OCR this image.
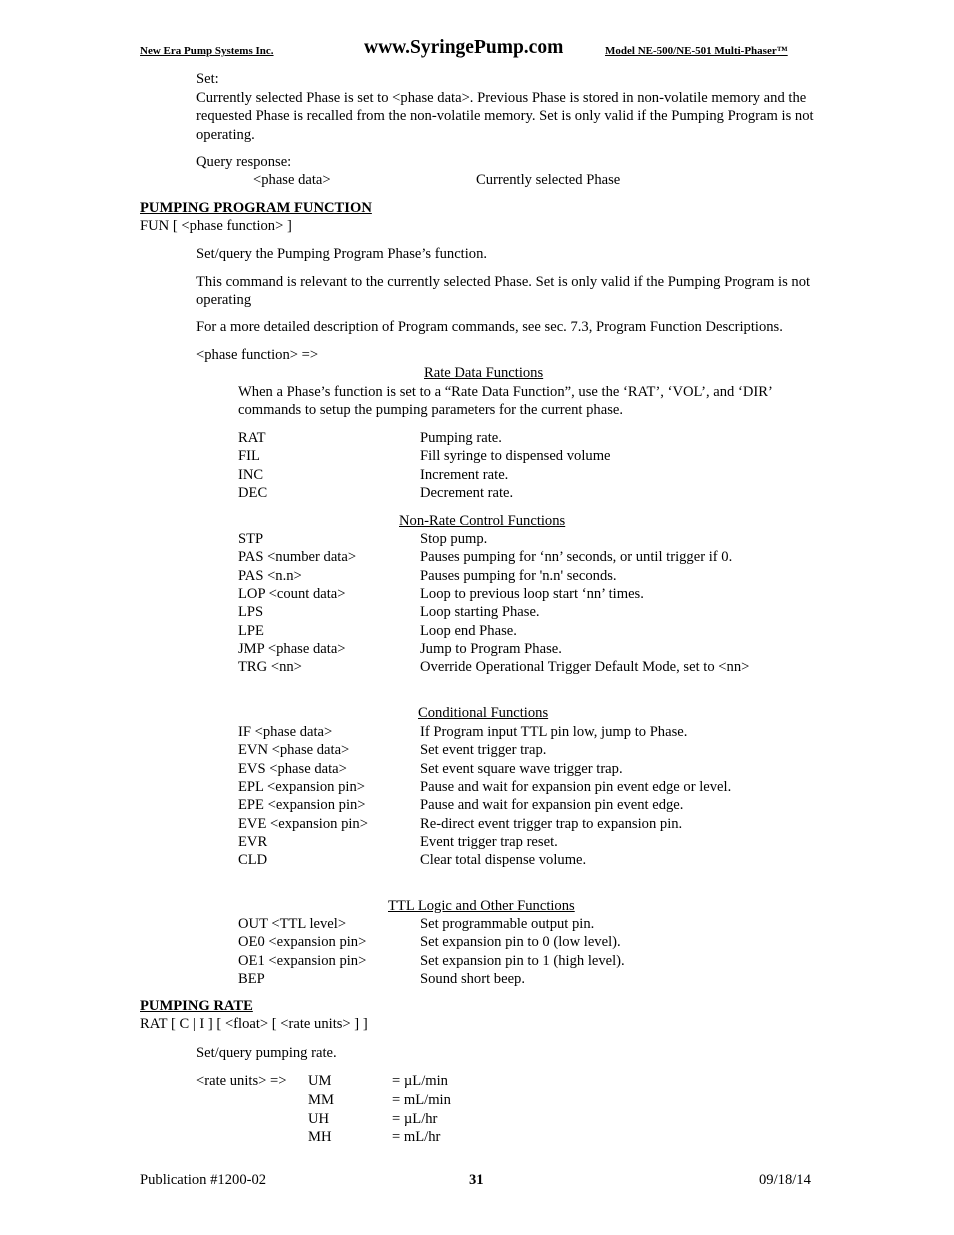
New Era Pump Systems Inc.	www.SyringePump.com	Model NE-500/NE-501 Multi-Phaser™
Set:
Currently selected Phase is set to <phase data>. Previous Phase is stored in non-volatile memory and the requested Phase is recalled from the non-volatile memory. Set is only valid if the Pumping Program is not operating.
Query response:
<phase data>	Currently selected Phase
PUMPING PROGRAM FUNCTION
FUN [ <phase function> ]
Set/query the Pumping Program Phase’s function.
This command is relevant to the currently selected Phase. Set is only valid if the Pumping Program is not operating
For a more detailed description of Program commands, see sec. 7.3, Program Function Descriptions.
<phase function> =>
Rate Data Functions
When a Phase’s function is set to a “Rate Data Function”, use the ‘RAT’, ‘VOL’, and ‘DIR’ commands to setup the pumping parameters for the current phase.
RAT	Pumping rate.
FIL	Fill syringe to dispensed volume
INC	Increment rate.
DEC	Decrement rate.
Non-Rate Control Functions
STP	Stop pump.
PAS <number data>	Pauses pumping for ‘nn’ seconds, or until trigger if 0.
PAS <n.n>	Pauses pumping for 'n.n' seconds.
LOP <count data>	Loop to previous loop start ‘nn’ times.
LPS	Loop starting Phase.
LPE	Loop end Phase.
JMP <phase data>	Jump to Program Phase.
TRG <nn>	Override Operational Trigger Default Mode, set to <nn>
Conditional Functions
IF <phase data>	If Program input TTL pin low, jump to Phase.
EVN <phase data>	Set event trigger trap.
EVS <phase data>	Set event square wave trigger trap.
EPL <expansion pin>	Pause and wait for expansion pin event edge or level.
EPE <expansion pin>	Pause and wait for expansion pin event edge.
EVE <expansion pin>	Re-direct event trigger trap to expansion pin.
EVR	Event trigger trap reset.
CLD	Clear total dispense volume.
TTL Logic and Other Functions
OUT <TTL level>	Set programmable output pin.
OE0 <expansion pin>	Set expansion pin to 0 (low level).
OE1 <expansion pin>	Set expansion pin to 1 (high level).
BEP	Sound short beep.
PUMPING RATE
RAT [ C | I ] [ <float> [ <rate units> ] ]
Set/query pumping rate.
<rate units> => UM	= µL/min
MM	= mL/min
UH	= µL/hr
MH	= mL/hr
Publication #1200-02	31	09/18/14
